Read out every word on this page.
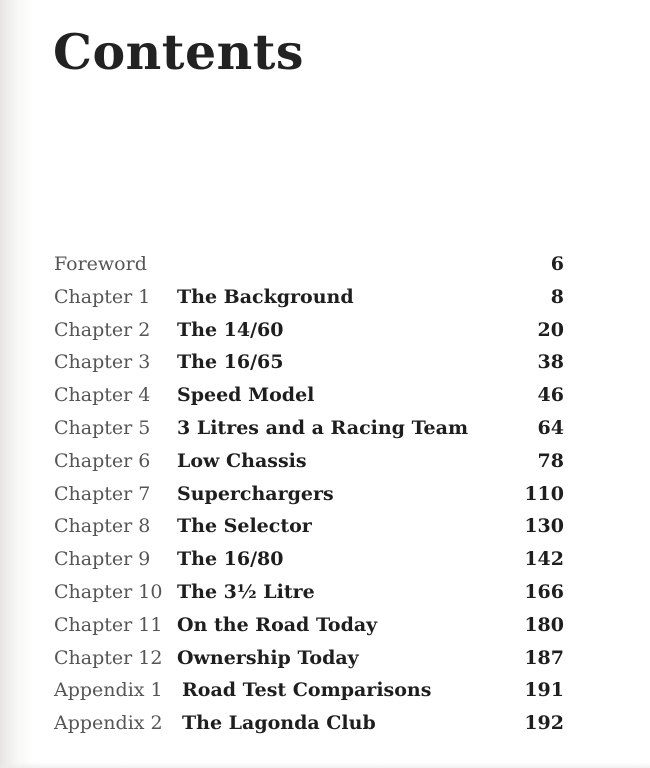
Contents
Foreword	6
Chapter 1 The Background	8
Chapter 2 The 14/60	20
Chapter 3 The 16/65	38
Chapter 4 Speed Model	46
Chapter 5 3 Litres and a Racing Team	64
Chapter 6 Low Chassis	78
Chapter 7 Superchargers	110
Chapter 8 The Selector	130
Chapter 9 The 16/80	142
Chapter 10 The 3½ Litre	166
Chapter 11 On the Road Today	180
Chapter 12 Ownership Today	187
Appendix 1 Road Test Comparisons	191
Appendix 2 The Lagonda Club	192
